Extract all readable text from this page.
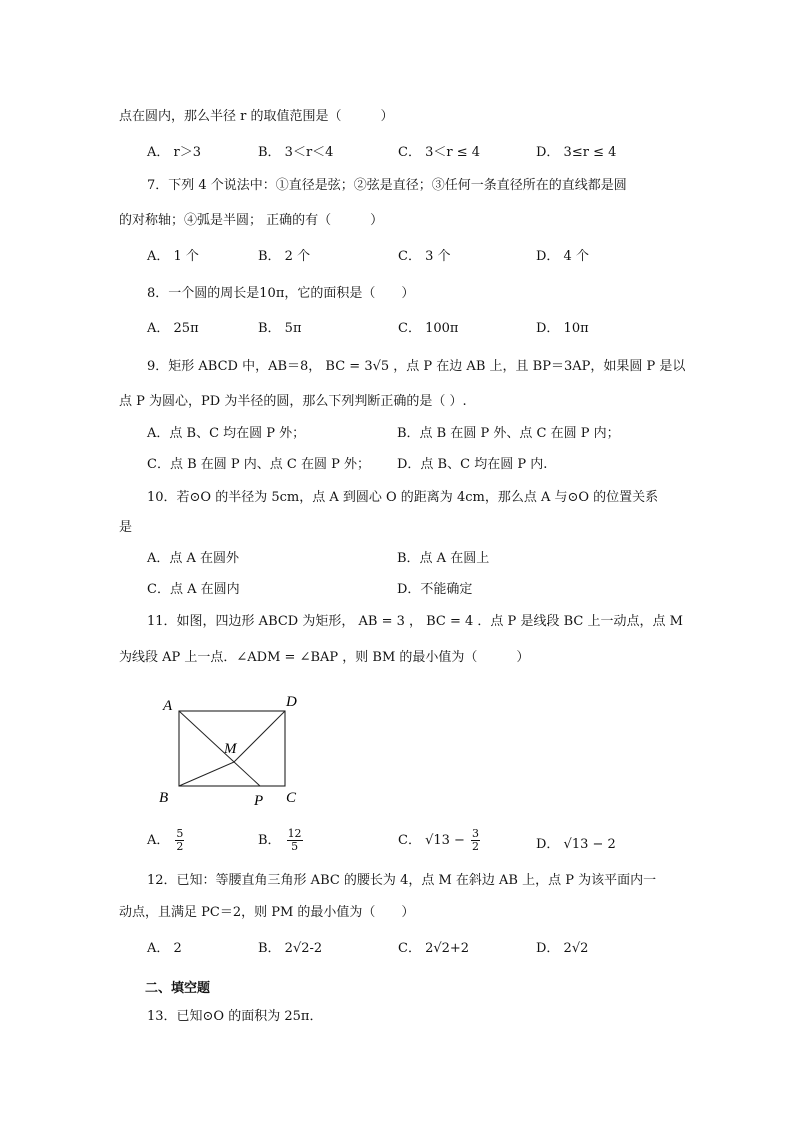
点在圆内，那么半径 r 的取值范围是（　　　）
A． r＞3	B． 3＜r＜4	C． 3＜r ≤ 4	D． 3≤r ≤ 4
7．下列 4 个说法中：①直径是弦；②弦是直径；③任何一条直径所在的直线都是圆
的对称轴；④弧是半圆； 正确的有（　　　）
A． 1 个	B． 2 个	C． 3 个	D． 4 个
8．一个圆的周长是10π，它的面积是（　　）
A． 25π	B． 5π	C． 100π	D． 10π
9．矩形 ABCD 中，AB＝8， BC = 3√5 ，点 P 在边 AB 上，且 BP＝3AP，如果圆 P 是以
点 P 为圆心，PD 为半径的圆，那么下列判断正确的是（ ）.
A．点 B、C 均在圆 P 外；	B．点 B 在圆 P 外、点 C 在圆 P 内；
C．点 B 在圆 P 内、点 C 在圆 P 外； D．点 B、C 均在圆 P 内.
10．若⊙O 的半径为 5cm，点 A 到圆心 O 的距离为 4cm，那么点 A 与⊙O 的位置关系
是
A．点 A 在圆外	B．点 A 在圆上
C．点 A 在圆内	D．不能确定
11．如图，四边形 ABCD 为矩形， AB = 3 ， BC = 4 ．点 P 是线段 BC 上一动点，点 M
为线段 AP 上一点．∠ADM = ∠BAP ，则 BM 的最小值为（　　　）
A	D
M
B	P C
A． $\frac{5}{2}$	B． $\frac{12}{5}$	C． $√13 - \frac{3}{2}$	D． √13 − 2
12．已知：等腰直角三角形 ABC 的腰长为 4，点 M 在斜边 AB 上，点 P 为该平面内一
动点，且满足 PC＝2，则 PM 的最小值为（　　）
A． 2	B． 2√2-2	C． 2√2+2	D． 2√2
二、填空题
13．已知⊙O 的面积为 25π．
